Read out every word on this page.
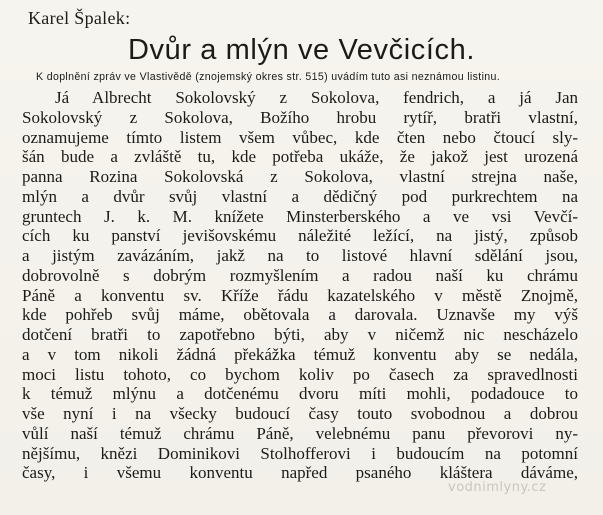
Karel Špalek:
Dvůr a mlýn ve Vevčicích.
K doplnění zpráv ve Vlastivědě (znojemský okres str. 515) uvádím tuto asi neznámou listinu.
Já Albrecht Sokolovský z Sokolova, fendrich, a já Jan
Sokolovský z Sokolova, Božího hrobu rytíř, bratři vlastní,
oznamujeme tímto listem všem vůbec, kde čten nebo čtoucí sly-
šán bude a zvláště tu, kde potřeba ukáže, že jakož jest urozená
panna Rozina Sokolovská z Sokolova, vlastní strejna naše,
mlýn a dvůr svůj vlastní a dědičný pod purkrechtem na
gruntech J. k. M. knížete Minsterberského a ve vsi Vevčí-
cích ku panství jevišovskému náležité ležící, na jistý, způsob
a jistým zavázáním, jakž na to listové hlavní sdělání jsou,
dobrovolně s dobrým rozmyšlením a radou naší ku chrámu
Páně a konventu sv. Kříže řádu kazatelského v městě Znojmě,
kde pohřeb svůj máme, obětovala a darovala. Uznavše my výš
dotčení bratři to zapotřebno býti, aby v ničemž nic nescházelo
a v tom nikoli žádná překážka témuž konventu aby se nedála,
moci listu tohoto, co bychom koliv po časech za spravedlnosti
k témuž mlýnu a dotčenému dvoru míti mohli, podadouce to
vše nyní i na všecky budoucí časy touto svobodnou a dobrou
vůlí naší témuž chrámu Páně, velebnému panu převorovi ny-
nějšímu, knězi Dominikovi Stolhofferovi i budoucím na potomní
časy, i všemu konventu napřed psaného kláštera dáváme,
vodnimlyny.cz
